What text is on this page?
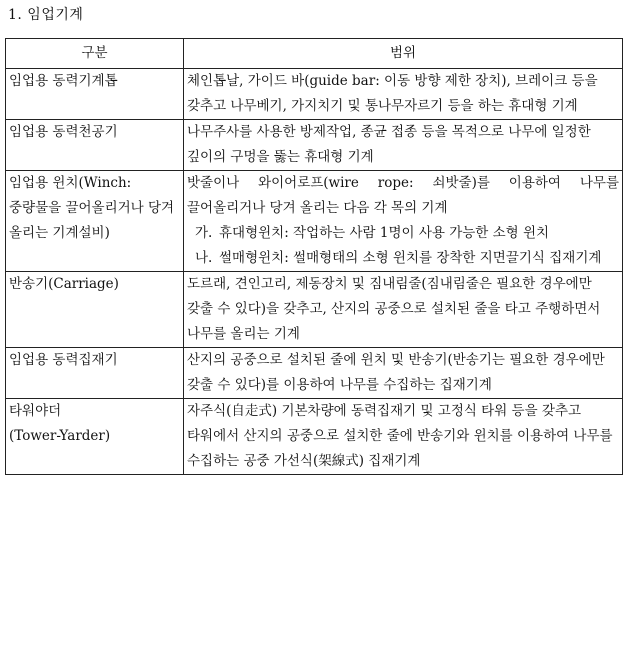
1. 임업기계
구분	범위
임업용 동력기계톱	체인톱날, 가이드 바(guide bar: 이동 방향 제한 장치), 브레이크 등을 갖추고 나무베기, 가지치기 및 통나무자르기 등을 하는 휴대형 기계
임업용 동력천공기	나무주사를 사용한 방제작업, 종균 접종 등을 목적으로 나무에 일정한 깊이의 구멍을 뚫는 휴대형 기계
임업용 윈치(Winch: 중량물을 끌어올리거나 당겨 올리는 기계설비)	밧줄이나 와이어로프(wire rope: 쇠밧줄)를 이용하여 나무를 끌어올리거나 당겨 올리는 다음 각 목의 기계
가. 휴대형윈치: 작업하는 사람 1명이 사용 가능한 소형 윈치
나. 썰매형윈치: 썰매형태의 소형 윈치를 장착한 지면끌기식 집재기계

반송기(Carriage)	도르래, 견인고리, 제동장치 및 짐내림줄(짐내림줄은 필요한 경우에만 갖출 수 있다)을 갖추고, 산지의 공중으로 설치된 줄을 타고 주행하면서 나무를 올리는 기계
임업용 동력집재기	산지의 공중으로 설치된 줄에 윈치 및 반송기(반송기는 필요한 경우에만 갖출 수 있다)를 이용하여 나무를 수집하는 집재기계

타워야더
(Tower-Yarder)	자주식(自走式) 기본차량에 동력집재기 및 고정식 타워 등을 갖추고 타워에서 산지의 공중으로 설치한 줄에 반송기와 윈치를 이용하여 나무를 수집하는 공중 가선식(架線式) 집재기계
